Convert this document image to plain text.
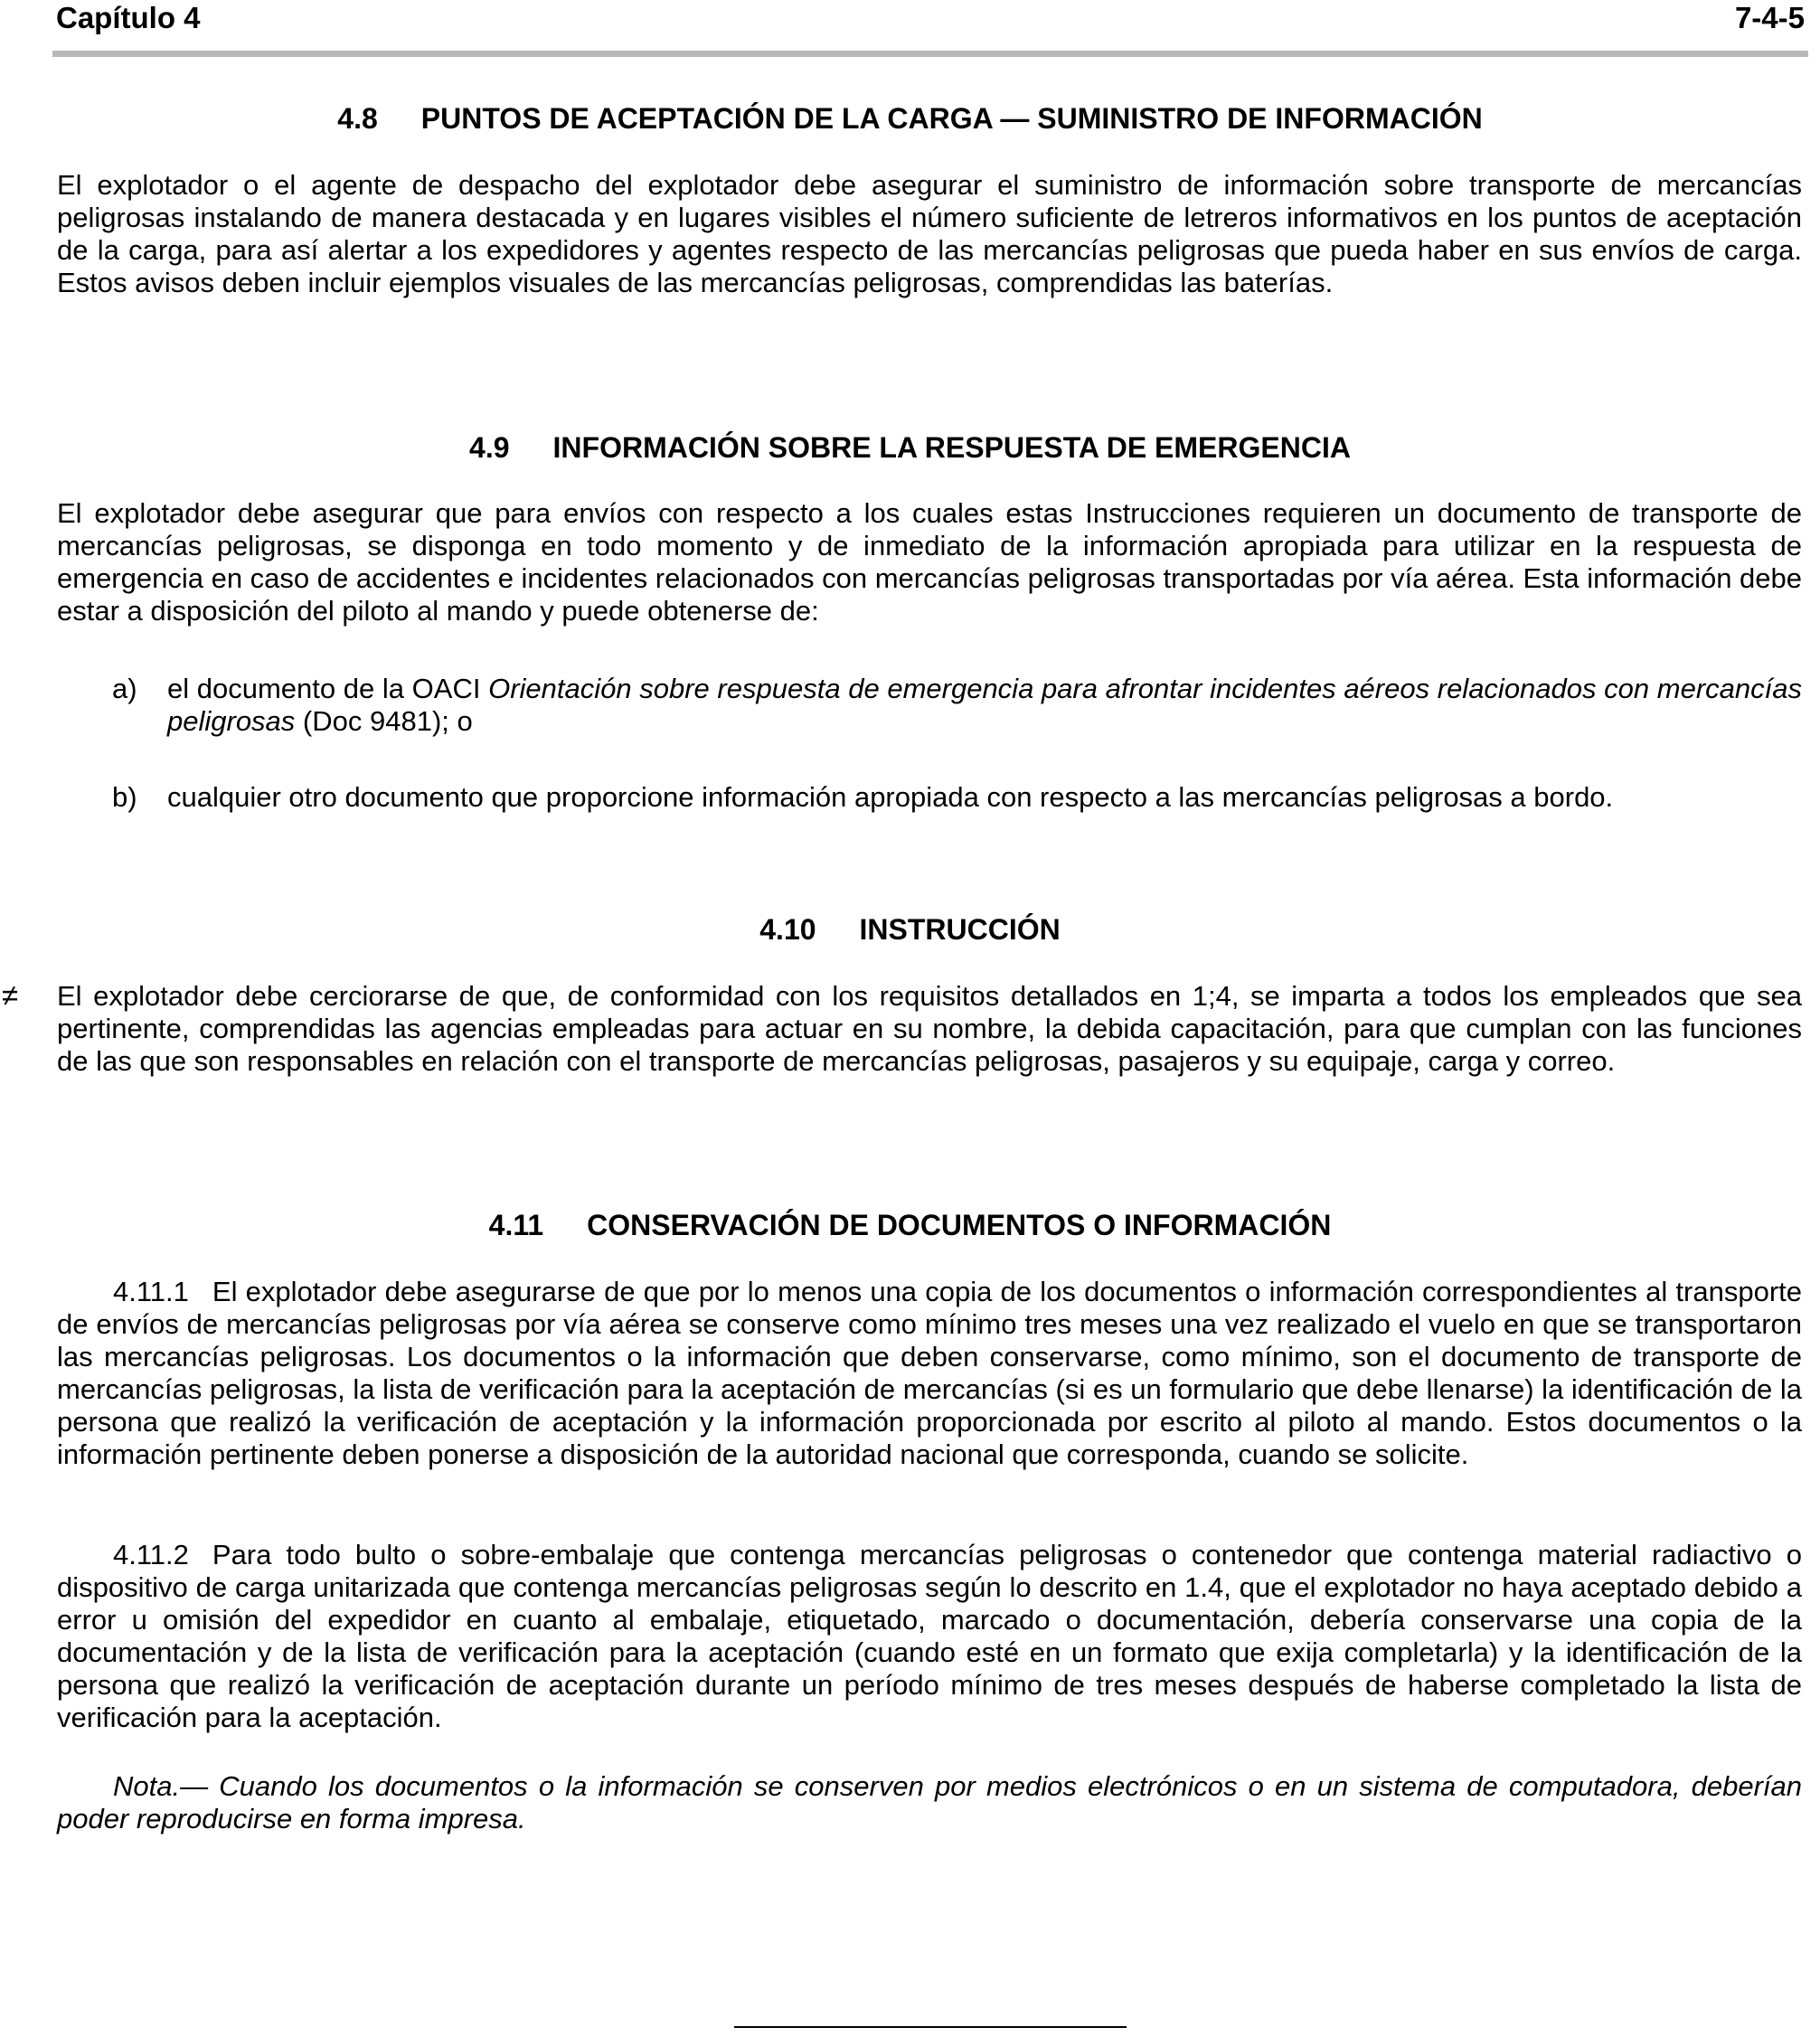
Capítulo 4	7-4-5
4.8 PUNTOS DE ACEPTACIÓN DE LA CARGA — SUMINISTRO DE INFORMACIÓN
El explotador o el agente de despacho del explotador debe asegurar el suministro de información sobre transporte de mercancías peligrosas instalando de manera destacada y en lugares visibles el número suficiente de letreros informativos en los puntos de aceptación de la carga, para así alertar a los expedidores y agentes respecto de las mercancías peligrosas que pueda haber en sus envíos de carga. Estos avisos deben incluir ejemplos visuales de las mercancías peligrosas, comprendidas las baterías.
4.9 INFORMACIÓN SOBRE LA RESPUESTA DE EMERGENCIA
El explotador debe asegurar que para envíos con respecto a los cuales estas Instrucciones requieren un documento de transporte de mercancías peligrosas, se disponga en todo momento y de inmediato de la información apropiada para utilizar en la respuesta de emergencia en caso de accidentes e incidentes relacionados con mercancías peligrosas transportadas por vía aérea. Esta información debe estar a disposición del piloto al mando y puede obtenerse de:
a) el documento de la OACI Orientación sobre respuesta de emergencia para afrontar incidentes aéreos relacionados con mercancías peligrosas (Doc 9481); o
b) cualquier otro documento que proporcione información apropiada con respecto a las mercancías peligrosas a bordo.
4.10 INSTRUCCIÓN
≠ El explotador debe cerciorarse de que, de conformidad con los requisitos detallados en 1;4, se imparta a todos los empleados que sea pertinente, comprendidas las agencias empleadas para actuar en su nombre, la debida capacitación, para que cumplan con las funciones de las que son responsables en relación con el transporte de mercancías peligrosas, pasajeros y su equipaje, carga y correo.
4.11 CONSERVACIÓN DE DOCUMENTOS O INFORMACIÓN
4.11.1 El explotador debe asegurarse de que por lo menos una copia de los documentos o información correspondientes al transporte de envíos de mercancías peligrosas por vía aérea se conserve como mínimo tres meses una vez realizado el vuelo en que se transportaron las mercancías peligrosas. Los documentos o la información que deben conservarse, como mínimo, son el documento de transporte de mercancías peligrosas, la lista de verificación para la aceptación de mercancías (si es un formulario que debe llenarse) la identificación de la persona que realizó la verificación de aceptación y la información proporcionada por escrito al piloto al mando. Estos documentos o la información pertinente deben ponerse a disposición de la autoridad nacional que corresponda, cuando se solicite.
4.11.2 Para todo bulto o sobre-embalaje que contenga mercancías peligrosas o contenedor que contenga material radiactivo o dispositivo de carga unitarizada que contenga mercancías peligrosas según lo descrito en 1.4, que el explotador no haya aceptado debido a error u omisión del expedidor en cuanto al embalaje, etiquetado, marcado o documentación, debería conservarse una copia de la documentación y de la lista de verificación para la aceptación (cuando esté en un formato que exija completarla) y la identificación de la persona que realizó la verificación de aceptación durante un período mínimo de tres meses después de haberse completado la lista de verificación para la aceptación.
Nota.— Cuando los documentos o la información se conserven por medios electrónicos o en un sistema de computadora, deberían poder reproducirse en forma impresa.
